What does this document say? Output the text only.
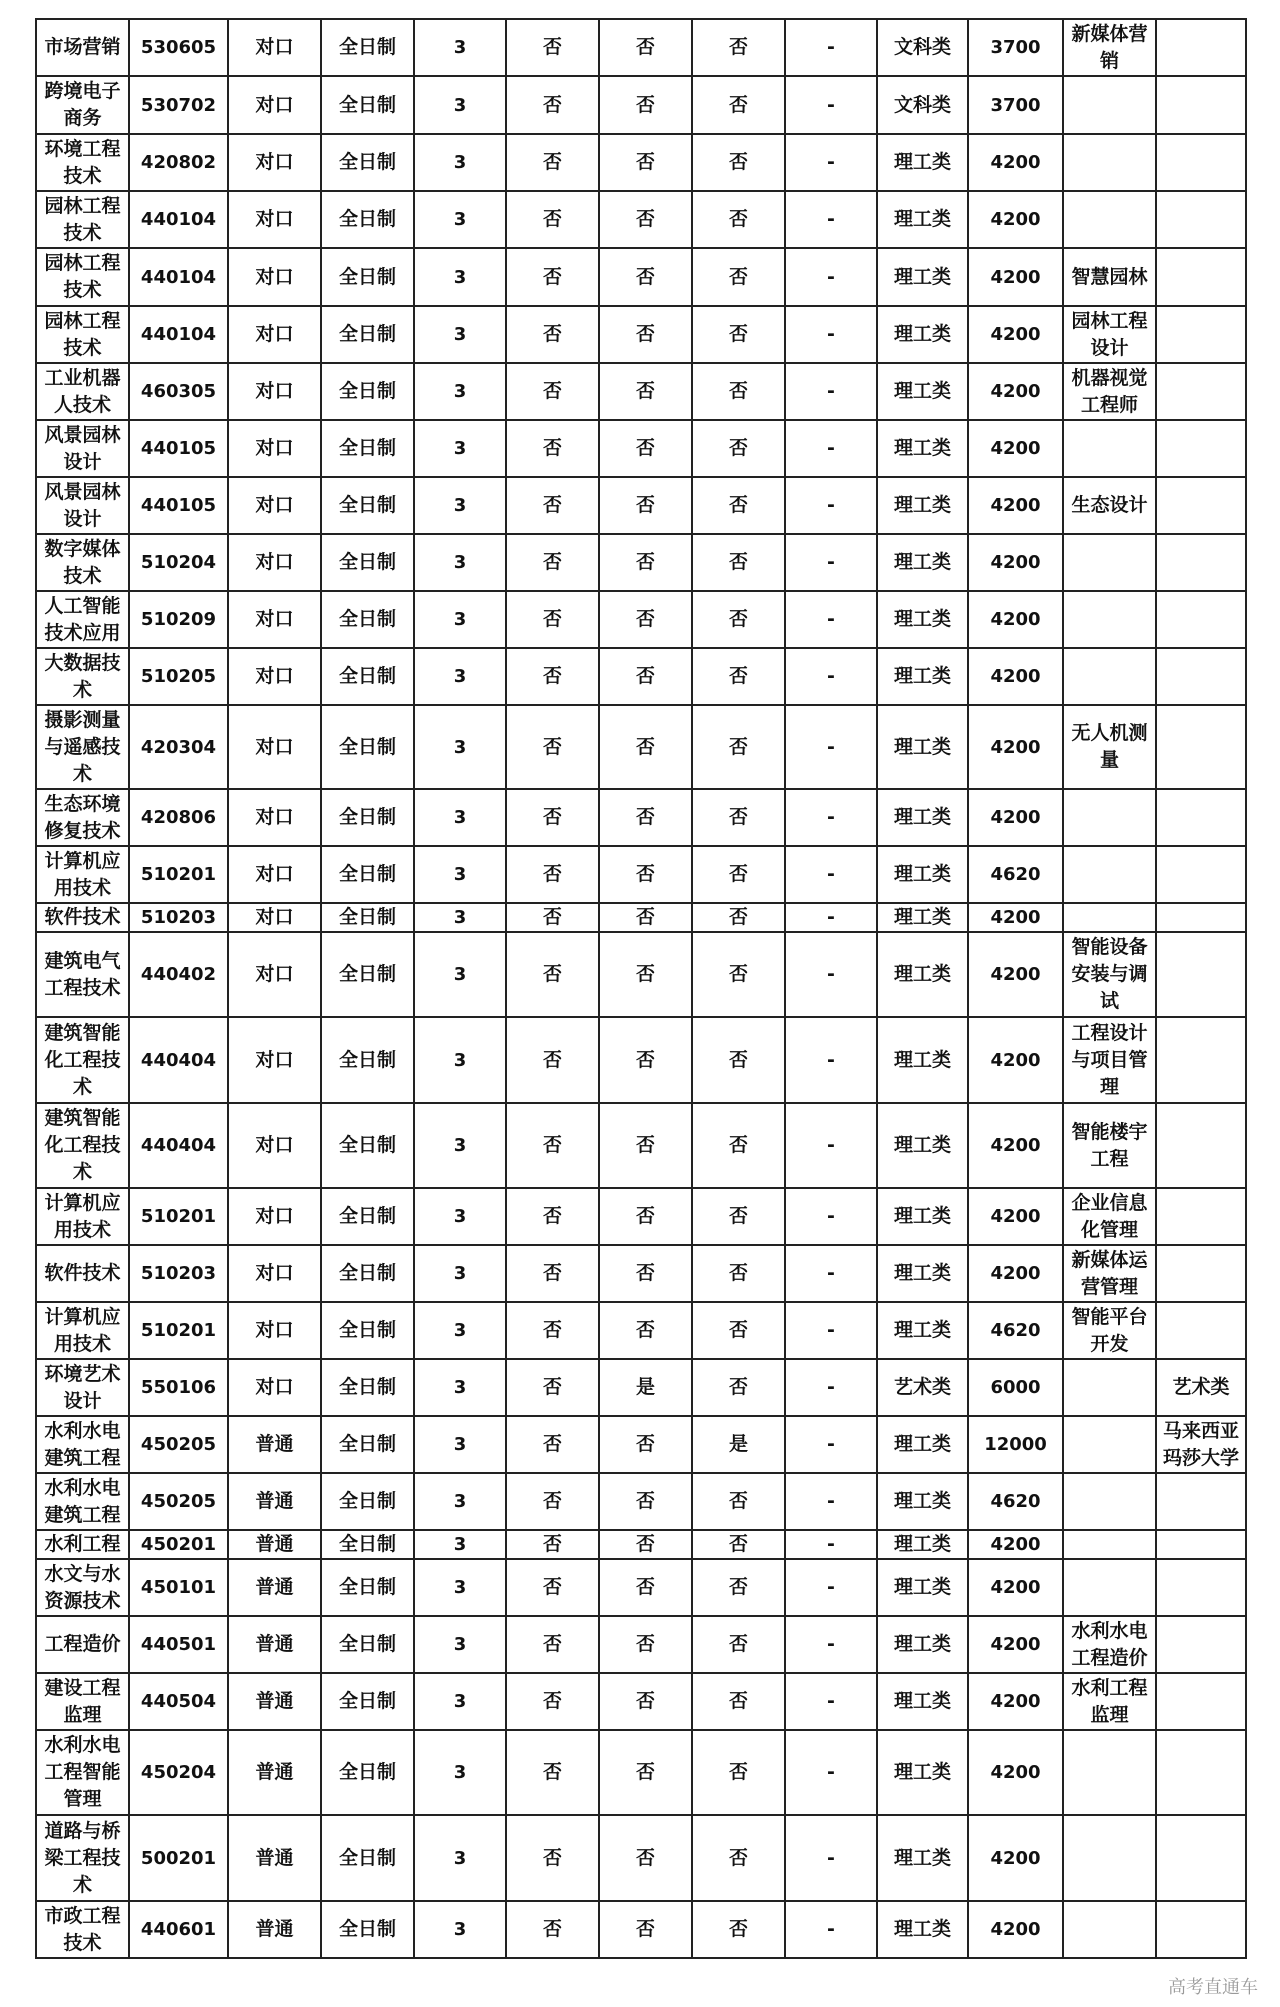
市场营销	530605	对口	全日制	3	否	否	否	-	文科类	3700	新媒体营销	
跨境电子商务	530702	对口	全日制	3	否	否	否	-	文科类	3700		
环境工程技术	420802	对口	全日制	3	否	否	否	-	理工类	4200		
园林工程技术	440104	对口	全日制	3	否	否	否	-	理工类	4200		
园林工程技术	440104	对口	全日制	3	否	否	否	-	理工类	4200	智慧园林	
园林工程技术	440104	对口	全日制	3	否	否	否	-	理工类	4200	园林工程设计	
工业机器人技术	460305	对口	全日制	3	否	否	否	-	理工类	4200	机器视觉工程师	
风景园林设计	440105	对口	全日制	3	否	否	否	-	理工类	4200		
风景园林设计	440105	对口	全日制	3	否	否	否	-	理工类	4200	生态设计	
数字媒体技术	510204	对口	全日制	3	否	否	否	-	理工类	4200		
人工智能技术应用	510209	对口	全日制	3	否	否	否	-	理工类	4200		
大数据技术	510205	对口	全日制	3	否	否	否	-	理工类	4200		
摄影测量与遥感技术	420304	对口	全日制	3	否	否	否	-	理工类	4200	无人机测量	
生态环境修复技术	420806	对口	全日制	3	否	否	否	-	理工类	4200		
计算机应用技术	510201	对口	全日制	3	否	否	否	-	理工类	4620		
软件技术	510203	对口	全日制	3	否	否	否	-	理工类	4200		
建筑电气工程技术	440402	对口	全日制	3	否	否	否	-	理工类	4200	智能设备安装与调试	
建筑智能化工程技术	440404	对口	全日制	3	否	否	否	-	理工类	4200	工程设计与项目管理	
建筑智能化工程技术	440404	对口	全日制	3	否	否	否	-	理工类	4200	智能楼宇工程	
计算机应用技术	510201	对口	全日制	3	否	否	否	-	理工类	4200	企业信息化管理	
软件技术	510203	对口	全日制	3	否	否	否	-	理工类	4200	新媒体运营管理	
计算机应用技术	510201	对口	全日制	3	否	否	否	-	理工类	4620	智能平台开发	
环境艺术设计	550106	对口	全日制	3	否	是	否	-	艺术类	6000		艺术类
水利水电建筑工程	450205	普通	全日制	3	否	否	是	-	理工类	12000		马来西亚玛莎大学
水利水电建筑工程	450205	普通	全日制	3	否	否	否	-	理工类	4620		
水利工程	450201	普通	全日制	3	否	否	否	-	理工类	4200		
水文与水资源技术	450101	普通	全日制	3	否	否	否	-	理工类	4200		
工程造价	440501	普通	全日制	3	否	否	否	-	理工类	4200	水利水电工程造价	
建设工程监理	440504	普通	全日制	3	否	否	否	-	理工类	4200	水利工程监理	
水利水电工程智能管理	450204	普通	全日制	3	否	否	否	-	理工类	4200		
道路与桥梁工程技术	500201	普通	全日制	3	否	否	否	-	理工类	4200		
市政工程技术	440601	普通	全日制	3	否	否	否	-	理工类	4200		
高考直通车
